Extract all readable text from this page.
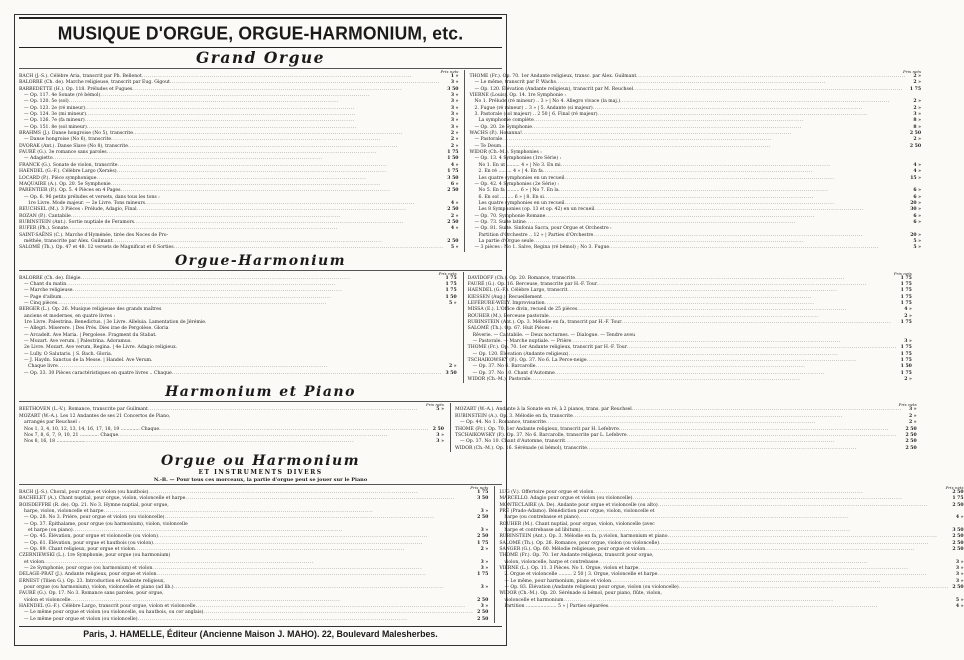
MUSIQUE D'ORGUE, ORGUE-HARMONIUM, etc.
Grand Orgue
Prix nets
BACH (J.-S.). Célèbre Aria, transcrit par Ph. Bellenot .....	1 »
BALORRE (Ch. de). Marche religieuse, transcrit par Eug. Gigout .....	3 »
BARBEDETTE (H.). Op. 118. Préludes et Fugues .....	3 50
— Op. 117. 4e Sonate (ré bémol) .....	3 »
— Op. 120. 5e (sol) .....	3 »
— Op. 123. 2e (ré mineur) .....	3 »
— Op. 124. 3e (mi mineur) .....	3 »
— Op. 126. 7e (fa mineur) .....	3 »
— Op. 151. 8e (sol mineur) .....	3 »
BRAHMS (J.). Danse hongroise (No 5), transcrite .....	2 »
— Danse hongroise (No 6), transcrite .....	2 »
DVORAK (Ant.). Danse Slave (No 8), transcrite .....	2 »
FAURÉ (G.). 3e romance sans paroles .....	1 75
— Adagietto .....	1 50
FRANCK (G.). Sonate de violon, transcrite .....	4 »
HAENDEL (G.-F.). Célèbre Largo (Xerxès) .....	1 75
LOCARD (P.). Pièce symphonique .....	3 50
MAQUAIRE (A.). Op. 20. 5e Symphonie .....	6 »
PARENTIER (P.). Op. 5. 4 Pièces en 4 Pages .....	2 50
— Op. 6. 96 petits préludes et versets, dans tous les tons :
1re Livre. Mode majeur. — 2e Livre. Tons mineurs .....	4 »
REUCHSEL (M.). 3 Pièces : Prélude, Adagio, Final .....	2 50
ROZAN (P.). Cantabile .....	2 »
RUBINSTEIN (Ant.). Sortie nuptiale de Feramors .....	2 50
RUFER (Ph.). Sonate .....	4 »
SAINT-SAËNS (C.). Marche d'Hyménée, tirée des Noces de Pro-
méthée, transcrite par Alex. Guilmant .....	2 50
SALOMÉ (Th.). Op. 47 et 48. 12 versets de Magnificat et 6 Sorties .....	5 »
Prix nets
THOME (Fr.). Op. 70. 1er Andante religieux, transc. par Alex. Guilmant .....	2 »
— Le même, transcrit par P. Wachs .....	2 »
— Op. 120. Élévation (Andante religieux), transcrit par M. Reuchsel .....	1 75
VIERNE (Louis). Op. 14. 1re Symphonie :
No 1. Prélude (ré mineur) .. 3 » | No 4. Allegro vivace (la maj.) .....	2 »
2. Fugue (ré mineur) .. 3 » | 5. Andante (si majeur) .....	2 »
3. Pastorale (sol majeur) .. 2 50 | 6. Final (ré majeur) .....	3 »
La symphonie complète .....	8 »
— Op. 20. 2e Symphonie .....	8 »
WACHS (P.). Hosanna! .....	2 50
— Pastorale .....	2 »
— Te Deum .....	2 50
WIDOR (Ch.-M.). Symphonies :
— Op. 13. 4 Symphonies (1re Série) :
No 1. En ut ......... 4 » | No 3. En mi .....	4 »
2. En ré ......... 4 » | 4. En fa .....	4 »
Les quatre symphonies en un recueil .....	15 »
— Op. 42. 4 Symphonies (2e Série) :
No 5. En fa ......... 6 » | No 7. En la .....	6 »
6. En sol ......... 6 » | 8. En si .....	6 »
Les quatre symphonies en un recueil .....	20 »
Les 8 Symphonies (op. 13 et op. 42) en un recueil .....	30 »
— Op. 70. Symphonie Romane .....	6 »
— Op. 73. Suite latine .....	6 »
— Op. 81. Suite. Sinfonia Sacra, pour Orgue et Orchestre :
Partition d'Orchestre .. 12 » | Parties d'Orchestre .....	20 »
La partie d'Orgue seule .....	5 »
— 3 pièces : No 1. Salve, Regina (ré bémol) ; No 3. Fugue .....	5 »
Orgue-Harmonium
Prix nets
BALORRE (Ch. de). Élégie .....	1 75
— Chant du matin .....	1 75
— Marche religieuse .....	1 75
— Page d'album .....	1 50
— Cinq pièces .....	5 »
BERGER (L.). Op. 26. Musique religieuse des grands maîtres
anciens et modernes, en quatre livres :
1re Livre. Palestrina. Benedictus. | 3e Livre. Alleluia. Lamentation de Jérémie.
— Allegri. Miserere. | Des Prés. Dies irae de Pergolèse. Gloria
— Arcadelt. Ave Maria. | Pergolese. Fragment du Stabat.
— Mozart. Ave verum. | Palestrina. Adoramus.
2e Livre. Mozart. Ave verum, Regina. | 4e Livre. Adagio religieux.
— Lully. O Salutaris. | S. Bach. Gloria.
— J. Haydn. Sanctus de la Messe. | Handel. Ave Verum.
Chaque livre .....	2 »
— Op. 33. 30 Pièces caractéristiques en quatre livres .. Chaque .....	3 50
Prix nets
DAVIDOFF (Ch.). Op. 20. Romance, transcrite .....	1 75
FAURÉ (G.). Op. 16. Berceuse, transcrite par H.-F. Tour .....	1 75
HAENDEL (G.-F.). Célèbre Largo, transcrit .....	1 75
KIESSEN (Aug.). Recueillement .....	1 75
LEFÉBURE-WÉLY. Improvisation .....	1 75
MISSA (E.). L'Office divin, recueil de 25 pièces .....	4 »
ROUHER (M.). Berceuse pastorale .....	2 »
RUBINSTEIN (Ant.). Op. 3. Mélodie en fa, transcrit par H.-F. Tour .....	1 75
SALOMÉ (Th.). Op. 67. Huit Pièces :
Rêverie. — Cantabile. — Deux nocturnes. — Dialogue. — Tendre aveu
— Pastorale. — Marche nuptiale. — Prière .....	3 »
THOME (Fr.). Op. 70. 1er Andante religieux, transcrit par H.-F. Tour .....	1 75
— Op. 120. Élévation (Andante religieux) .....	1 75
TSCHAIKOWSKY (P.). Op. 37. No 6. La Perce-neige .....	1 75
— Op. 37. No 6. Barcarolle .....	1 50
— Op. 37. No 10. Chant d'Automne .....	1 75
WIDOR (Ch.-M.). Pastorale .....	2 »
Harmonium et Piano
Prix nets
BEETHOVEN (L.-V.). Romance, transcrite par Guilmant .....	5 »
MOZART (W.-A.). Les 12 Andantes de ses 21 Concertos de Piano,
arrangés par Reuchsel :
Nos 1, 3, 4, 10, 12, 13, 14, 16, 17, 18, 19 ............. Chaque .....	2 50
Nos 7, 8, 6, 7, 9, 10, 21 ............. Chaque .....	3 »
Nos 8, 16, 18 ................... .....	3 »
Prix nets
MOZART (W.-A.). Andante à la Sonate en ré, à 2 pianos, trans. par Reuchsel .....	3 »
RUBINSTEIN (A.). Op. 3. Mélodie en fa, transcrite .....	2 »
— Op. 44. No 1. Romance, transcrite .....	2 »
THOME (Fr.). Op. 70. 1er Andante religieux, transcrit par H. Lefebvre .....	2 50
TSCHAIKOWSKY (P.). Op. 37. No 6. Barcarolle, transcrite par L. Lefebvre .....	2 50
— Op. 37. No 10. Chant d'Automne, transcrit .....	2 50
WIDOR (Ch.-M.). Op. 16. Sérénade (si bémol), transcrite .....	2 50
Orgue ou Harmonium
ET INSTRUMENTS DIVERS
N.-B. — Pour tous ces morceaux, la partie d'orgue peut se jouer sur le Piano
Prix nets
BACH (J.-S.). Choral, pour orgue et violon (ou hautbois) .....	1 75
BACHELET (A.). Chant nuptial, pour orgue, violon, violoncelle et harpe .....	3 50
BOISDEFFRE (R. de). Op. 21. No 3. Hymne nuptial, pour orgue,
harpe, violon, violoncelle et harpe .....	3 »
— Op. 28. No 3. Prière, pour orgue et violon (ou violoncelle) .....	2 50
— Op. 37. Épithalame, pour orgue (ou harmonium), violon, violoncelle
et harpe (ou piano) .....	3 »
— Op. 45. Élévation, pour orgue et violoncelle (ou violon) .....	2 50
— Op. 61. Élévation, pour orgue et hautbois (ou violon) .....	1 75
— Op. 89. Chant religieux, pour orgue et violon .....	2 »
CZERNIEWSKI (L.). 1re Symphonie, pour orgue (ou harmonium)
et violon .....	3 »
— 2e Symphonie, pour orgue (ou harmonium) et violon .....	3 »
DELAGE-PRAT (J.). Andante religieux, pour orgue et violon .....	1 75
ERNEST (Tilien G.). Op. 23. Introduction et Andante religieux,
pour orgue (ou harmonium), violon, violoncelle et piano (ad lib.) .....	3 »
FAURÉ (G.). Op. 17. No 3. Romance sans paroles, pour orgue,
violon et violoncelle .....	2 50
HAENDEL (G.-F.). Célèbre Largo, transcrit pour orgue, violon et violoncelle .....	3 »
— Le même pour orgue et violon (ou violoncelle, ou hautbois, ou cor anglais) .....	2 50
— Le même pour orgue et violon (ou violoncelle) .....	2 50
Prix nets
LUG (V.). Offertoire pour orgue et violon .....	2 50
MARCELLO. Adagio pour orgue et violon (ou violoncelle) .....	1 75
MONTECLAIRE (A. De). Andante pour orgue et violoncelle (ou alto) .....	2 50
PRÉ (Prado-Adamo). Bénédiction pour orgue, violon, violoncelle et
harpe (ou contrebasse et piano) .....	4 »
ROUHER (M.). Chant nuptial, pour orgue, violon, violoncelle (avec
harpe et contrebasse ad libitum) .....	3 50
RUBINSTEIN (Ant.). Op. 3. Mélodie en fa, p.violon, harmonium et piano .....	2 50
SALOMÉ (Th.). Op. 26. Romance, pour orgue, violon (ou violoncelle) .....	2 50
SANGER (G.). Op. 60. Mélodie religieuse, pour orgue et violon .....	2 50
THOMÉ (Fr.). Op. 70. 1er Andante religieux, transcrit pour orgue,
violon, violoncelle, harpe et contrebasse .....	3 »
VIERNE (L.). Op. 11. 3 Pièces. No 1. Orgue, violon et harpe .....	3 »
2. Orgue et violoncelle ......... 2 50 | 3. Orgue, violoncelle et harpe .....	3 »
— Le même, pour harmonium, piano et violon .....	3 »
— Op. 83. Élévation (Andante religieux) pour orgue, violon (ou violoncelle) .....	2 50
WIDOR (Ch.-M.). Op. 20. Sérénade si bémol, pour piano, flûte, violon,
violoncelle et harmonium .....	5 »
Partition ..................... 5 » | Parties séparées .....	4 »
Paris, J. HAMELLE, Éditeur (Ancienne Maison J. MAHO). 22, Boulevard Malesherbes.
